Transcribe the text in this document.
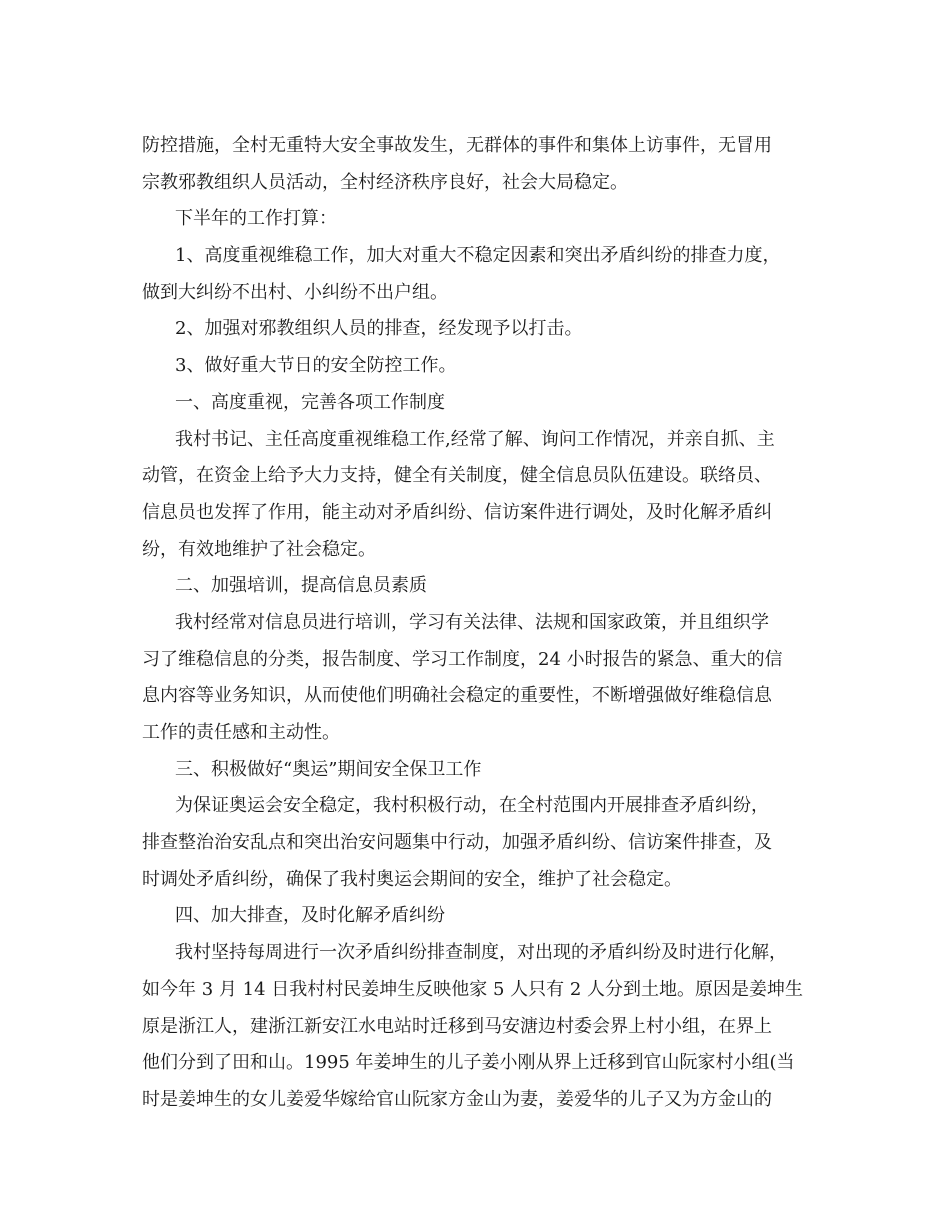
防控措施，全村无重特大安全事故发生，无群体的事件和集体上访事件，无冒用
宗教邪教组织人员活动，全村经济秩序良好，社会大局稳定。
下半年的工作打算：
1、高度重视维稳工作，加大对重大不稳定因素和突出矛盾纠纷的排查力度，
做到大纠纷不出村、小纠纷不出户组。
2、加强对邪教组织人员的排查，经发现予以打击。
3、做好重大节日的安全防控工作。
一、高度重视，完善各项工作制度
我村书记、主任高度重视维稳工作,经常了解、询问工作情况，并亲自抓、主
动管，在资金上给予大力支持，健全有关制度，健全信息员队伍建设。联络员、
信息员也发挥了作用，能主动对矛盾纠纷、信访案件进行调处，及时化解矛盾纠
纷，有效地维护了社会稳定。
二、加强培训，提高信息员素质
我村经常对信息员进行培训，学习有关法律、法规和国家政策，并且组织学
习了维稳信息的分类，报告制度、学习工作制度，24 小时报告的紧急、重大的信
息内容等业务知识，从而使他们明确社会稳定的重要性，不断增强做好维稳信息
工作的责任感和主动性。
三、积极做好“奥运”期间安全保卫工作
为保证奥运会安全稳定，我村积极行动，在全村范围内开展排查矛盾纠纷，
排查整治治安乱点和突出治安问题集中行动，加强矛盾纠纷、信访案件排查，及
时调处矛盾纠纷，确保了我村奥运会期间的安全，维护了社会稳定。
四、加大排查，及时化解矛盾纠纷
我村坚持每周进行一次矛盾纠纷排查制度，对出现的矛盾纠纷及时进行化解，
如今年 3 月 14 日我村村民姜坤生反映他家 5 人只有 2 人分到土地。原因是姜坤生
原是浙江人，建浙江新安江水电站时迁移到马安溏边村委会界上村小组，在界上
他们分到了田和山。1995 年姜坤生的儿子姜小刚从界上迁移到官山阮家村小组(当
时是姜坤生的女儿姜爱华嫁给官山阮家方金山为妻，姜爱华的儿子又为方金山的
